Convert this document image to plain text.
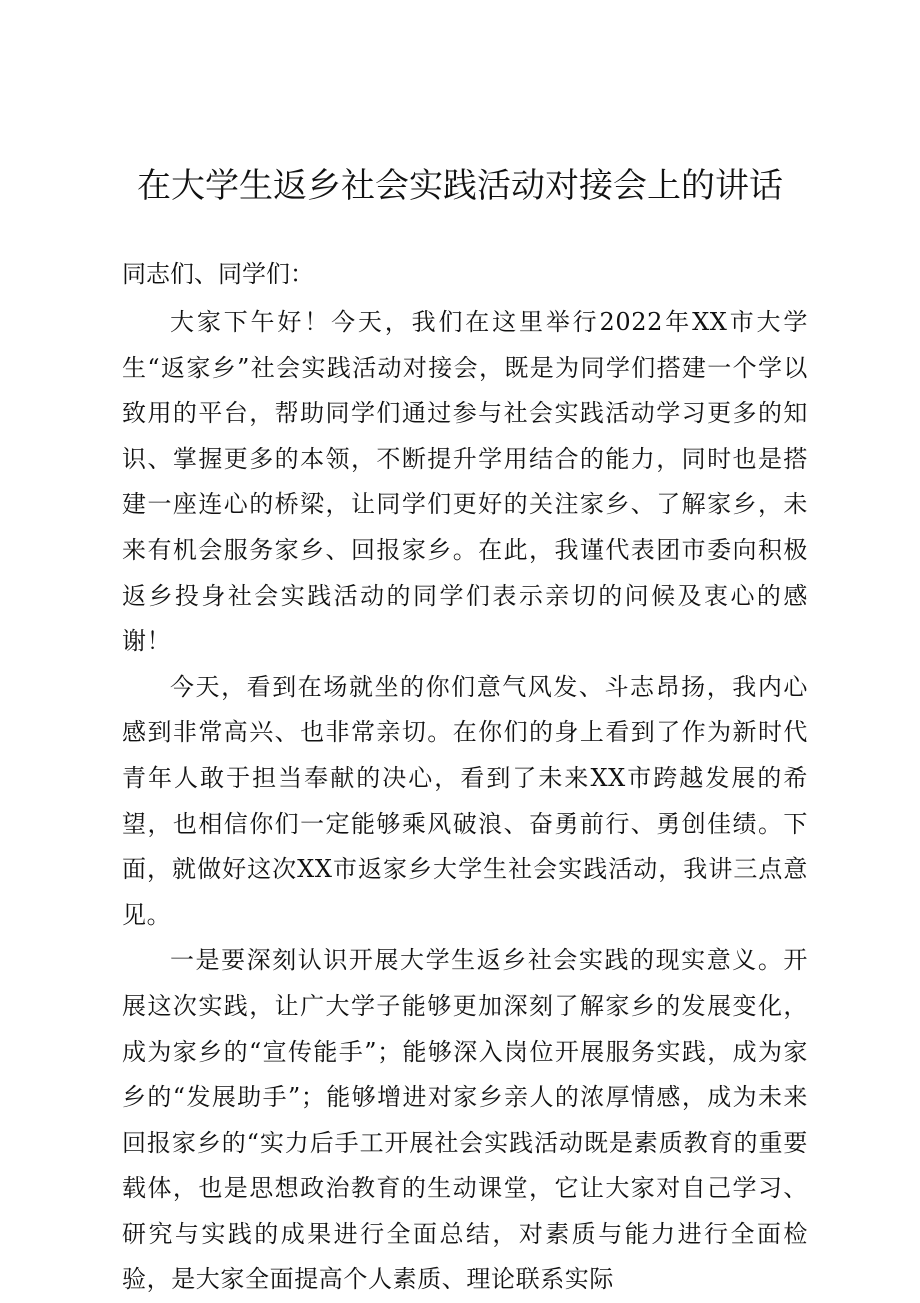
在大学生返乡社会实践活动对接会上的讲话

同志们、同学们：

大家下午好！今天，我们在这里举行2022年XX市大学生“返家乡”社会实践活动对接会，既是为同学们搭建一个学以致用的平台，帮助同学们通过参与社会实践活动学习更多的知识、掌握更多的本领，不断提升学用结合的能力，同时也是搭建一座连心的桥梁，让同学们更好的关注家乡、了解家乡，未来有机会服务家乡、回报家乡。在此，我谨代表团市委向积极返乡投身社会实践活动的同学们表示亲切的问候及衷心的感谢！

今天，看到在场就坐的你们意气风发、斗志昂扬，我内心感到非常高兴、也非常亲切。在你们的身上看到了作为新时代青年人敢于担当奉献的决心，看到了未来XX市跨越发展的希望，也相信你们一定能够乘风破浪、奋勇前行、勇创佳绩。下面，就做好这次XX市返家乡大学生社会实践活动，我讲三点意见。

一是要深刻认识开展大学生返乡社会实践的现实意义。开展这次实践，让广大学子能够更加深刻了解家乡的发展变化，成为家乡的“宣传能手”；能够深入岗位开展服务实践，成为家乡的“发展助手”；能够增进对家乡亲人的浓厚情感，成为未来回报家乡的“实力后手工开展社会实践活动既是素质教育的重要载体，也是思想政治教育的生动课堂，它让大家对自己学习、研究与实践的成果进行全面总结，对素质与能力进行全面检验，是大家全面提高个人素质、理论联系实际
